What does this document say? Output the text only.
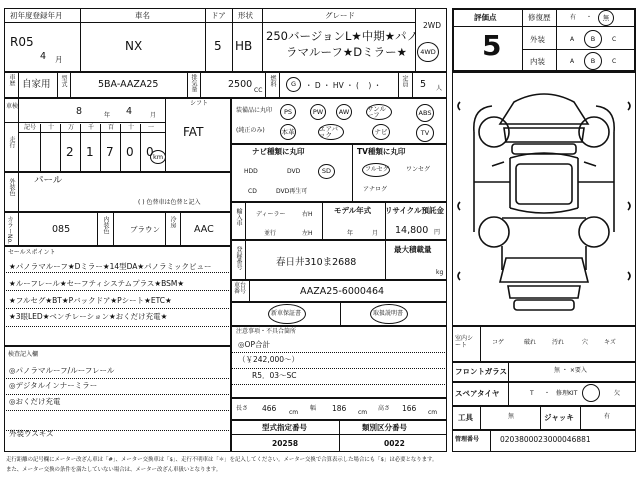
初年度登録年月
R05
4 月
車名
NX
ドア
5
形状
HB
グレード
250バージョンL★中期★パノ
ラマルーフ★Dミラー★
2WD
4WD
車歴 自家用 型式	5BA-AAZA25	排気量	2500
CC
燃料 G ・ D ・ HV ・ (    ) ・	定員 5 人
車検	8	年 4	月
シフト
FAT
走行
記号 十 万 千 百 十 一
2 1 7 0 0 km
外装色 パール
( ) 色替車は色替と記入
カラーNo.	085	内装色	ブラウン
冷房
AAC
セールスポイント
★パノラマルーフ★Dミラー★14型DA★パノラミックビュー
★ルーフレール★セーフティシステムプラス★BSM★
★フルセグ★BT★Pバックドア★Pシート★ETC★
★3眼LED★ベンチレーション★おくだけ充電★
検査記入欄
◎パノラマルーフ/ルーフレール
◎デジタルインナーミラー
◎おくだけ充電
外装ウスキズ
装備品に丸印
(純正のみ)
PS	PW AW	サンルーフ	ABS
本革	エアバック	ナビ	TV
ナビ種類に丸印
HDD	DVD	SD
CD	DVD再生可
TV種類に丸印
フルセグ	ワンセグ
アナログ
輸入車 ディーラー
並行
右H
左H
モデル年式
年	月
リサイクル預託金
14,800 円
登録番号	春日井310ま2688
最大積載量
kg
車台番号	AAZA25-6000464
新車保証書	取扱説明書
注意事項・不具合箇所
◎OP合計
（￥242,000～）
R5．03～SC
長さ 466 cm
幅 186 cm
高さ 166 cm
型式指定番号
20258
類別区分番号
0022
評価点
5
修復歴	有 ・ 無
外装	A	B	C
内装	A	B	C
室内シート	コゲ	破れ	汚れ	穴	キズ
フロントガラス	無 ・ ×要入
スペアタイヤ	T ・ 修理KIT	欠
工具	無	ジャッキ	有
管理番号	0203800023000046881
走行距離の記号欄にメーター改ざん車は「#」、メーター交換車は「$」、走行不明車は「＊」を記入してください。メーター交換で合算表示した場合にも「$」は必要となります。
また、メーター交換の条件を満たしていない場合は、メーター改ざん車扱いとなります。
